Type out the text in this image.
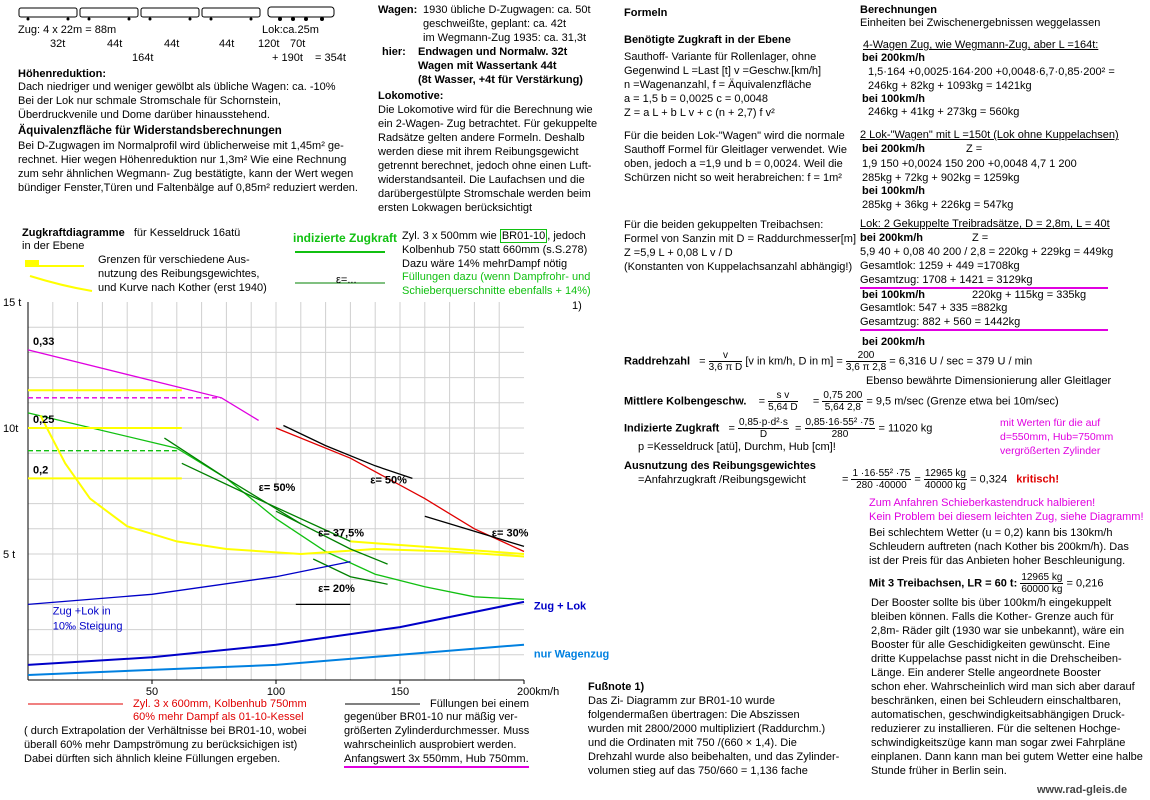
Zug: 4 x 22m = 88m	Lok:ca.25m
32t	44t	44t	44t 120t 70t
164t	+ 190t = 354t
Höhenreduktion:
Dach niedriger und weniger gewölbt als übliche Wagen: ca. -10%
Bei der Lok nur schmale Stromschale für Schornstein,
Überdruckvenile und Dome darüber hinausstehend.
Äquivalenzfläche für Widerstandsberechnungen
Bei D-Zugwagen im Normalprofil wird üblicherweise mit 1,45m² ge-
rechnet. Hier wegen Höhenreduktion nur 1,3m² Wie eine Rechnung
zum sehr ähnlichen Wegmann- Zug bestätigte, kann der Wert wegen
bündiger Fenster,Türen und Faltenbälge auf 0,85m² reduziert werden.
Wagen: 1930 übliche D-Zugwagen: ca. 50t
geschweißte, geplant: ca. 42t
im Wegmann-Zug 1935: ca. 31,3t
hier: Endwagen und Normalw. 32t
Wagen mit Wassertank 44t
(8t Wasser, +4t für Verstärkung)
Lokomotive:
Die Lokomotive wird für die Berechnung wie
ein 2-Wagen- Zug betrachtet. Für gekuppelte
Radsätze gelten andere Formeln. Deshalb
werden diese mit ihrem Reibungsgewicht
getrennt berechnet, jedoch ohne einen Luft-
widerstandsanteil. Die Laufachsen und die
darübergestülpte Stromschale werden beim
ersten Lokwagen berücksichtigt
Zugkraftdiagramme für Kesseldruck 16atü
in der Ebene
Grenzen für verschiedene Aus-
nutzung des Reibungsgewichtes,
und Kurve nach Kother (erst 1940)
indizierte Zugkraft Zyl. 3 x 500mm wie BR01-10 , jedoch
Kolbenhub 750 statt 660mm (s.S.278)
Dazu wäre 14% mehrDampf nötig
ε=...	Füllungen dazu (wenn Dampfrohr- und
Schieberquerschnitte ebenfalls + 14%)
1)
50	100	150	200km/h
5 t
10t
15 t
0,33
0,25
0,2
ε= 50%
ε= 50%
ε= 37,5%	ε= 30%
ε= 20%
Zug +Lok in
10‰ Steigung
Zug + Lok
nur Wagenzug
Zyl. 3 x 600mm, Kolbenhub 750mm
60% mehr Dampf als 01-10-Kessel
( durch Extrapolation der Verhältnisse bei BR01-10, wobei
überall 60% mehr Dampströmung zu berücksichigen ist)
Dabei dürften sich ähnlich kleine Füllungen ergeben.
Füllungen bei einem
gegenüber BR01-10 nur mäßig ver-
größerten Zylinderdurchmesser. Muss
wahrscheinlich ausprobiert werden.
Anfangswert 3x 550mm, Hub 750mm.
Fußnote 1)
Das Zi- Diagramm zur BR01-10 wurde
folgendermaßen übertragen: Die Abszissen
wurden mit 2800/2000 multipliziert (Raddurchm.)
und die Ordinaten mit 750 /(660 × 1,4). Die
Drehzahl wurde also beibehalten, und das Zylinder-
volumen stieg auf das 750/660 = 1,136 fache
Formeln
Benötigte Zugkraft in der Ebene
Sauthoff- Variante für Rollenlager, ohne
Gegenwind L =Last [t] v =Geschw.[km/h]
n =Wagenanzahl, f = Äquivalenzfläche
a = 1,5 b = 0,0025 c = 0,0048
Z = a L + b L v + c (n + 2,7) f v²
Für die beiden Lok-"Wagen" wird die normale
Sauthoff Formel für Gleitlager verwendet. Wie
oben, jedoch a =1,9 und b = 0,0024. Weil die
Schürzen nicht so weit herabreichen: f = 1m²
Für die beiden gekuppelten Treibachsen:
Formel von Sanzin mit D = Raddurchmesser[m]
Z =5,9 L + 0,08 L v / D
(Konstanten von Kuppelachsanzahl abhängig!)
Raddrehzahl   = $\frac{v}{\text{3,6 π D}} [v$ in km/h, D in $m] = \frac{200}{3,6 \pi 2,8} = 6,316$ U / sec = 379 U / min
Ebenso bewährte Dimensionierung aller Gleitlager
Mittlere Kolbengeschw.    = $\frac{\text{s v}}{5,64 D} = \frac{0,75 200}{5,64 2,8} = 9,5$ m/sec (Grenze etwa bei 10m/sec)
Indizierte Zugkraft   = $\frac{\text{0,85·p·d²·s}}{D} = \frac{\text{0,85·16·55² ·75}}{280} = 11020$ kg
p =Kesseldruck [atü], Durchm, Hub [cm]!
mit Werten für die auf
d=550mm, Hub=750mm
vergrößerten Zylinder
Ausnutzung des Reibungsgewichtes
=Anfahrzugkraft /Reibungsgewicht	= $\frac{\text{1 ·16·55² ·75}}{280 \cdot 40000} = \frac{12965 kg}{40000 kg} = 0,324$ kritisch!
Berechnungen
Einheiten bei Zwischenergebnissen weggelassen
4-Wagen Zug, wie Wegmann-Zug, aber L =164t:
bei 200km/h
1,5·164 +0,0025·164·200 +0,0048·6,7·0,85·200² =
246kg + 82kg + 1093kg = 1421kg
bei 100km/h
246kg + 41kg + 273kg = 560kg
2 Lok-"Wagen" mit L =150t (Lok ohne Kuppelachsen)
bei 200km/h	Z =
1,9 150 +0,0024 150 200 +0,0048 4,7 1 200
285kg + 72kg + 902kg = 1259kg
bei 100km/h
285kg + 36kg + 226kg = 547kg
Lok: 2 Gekuppelte Treibradsätze, D = 2,8m, L = 40t
bei 200km/h	Z =
5,9 40 + 0,08 40 200 / 2,8 = 220kg + 229kg = 449kg
Gesamtlok: 1259 + 449 =1708kg
Gesamtzug: 1708 + 1421 = 3129kg
bei 100km/h	220kg + 115kg = 335kg
Gesamtlok: 547 + 335 =882kg
Gesamtzug: 882 + 560 = 1442kg
bei 200km/h
Zum Anfahren Schieberkastendruck halbieren!
Kein Problem bei diesem leichten Zug, siehe Diagramm!
Bei schlechtem Wetter (u = 0,2) kann bis 130km/h
Schleudern auftreten (nach Kother bis 200km/h). Das
ist der Preis für das Anbieten hoher Beschleunigung.
Mit 3 Treibachsen, LR = 60 t: $\frac{12965 kg}{60000 kg} = 0,216$
Der Booster sollte bis über 100km/h eingekuppelt
bleiben können. Falls die Kother- Grenze auch für
2,8m- Räder gilt (1930 war sie unbekannt), wäre ein
Booster für alle Geschidigkeiten gewünscht. Eine
dritte Kuppelachse passt nicht in die Drehscheiben-
Länge. Ein anderer Stelle angeordnete Booster
schon eher. Wahrscheinlich wird man sich aber darauf
beschränken, einen bei Schleudern einschaltbaren,
automatischen, geschwindigkeitsabhängigen Druck-
reduzierer zu installieren. Für die seltenen Hochge-
schwindigkeitszüge kann man sogar zwei Fahrpläne
einplanen. Dann kann man bei gutem Wetter eine halbe
Stunde früher in Berlin sein.
www.rad-gleis.de
